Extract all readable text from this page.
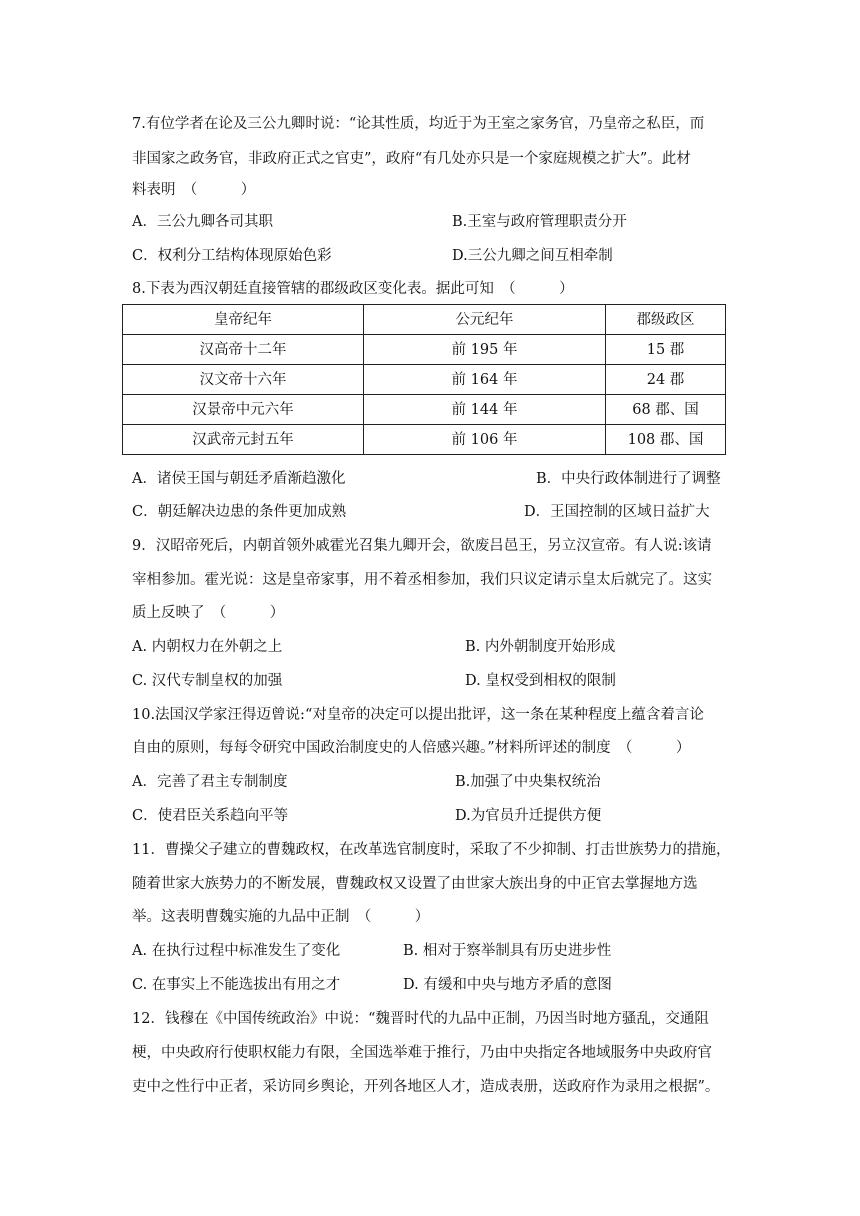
7.有位学者在论及三公九卿时说：“论其性质，均近于为王室之家务官，乃皇帝之私臣，而
非国家之政务官，非政府正式之官吏”，政府“有几处亦只是一个家庭规模之扩大”。此材
料表明　（　　　）
A．三公九卿各司其职	B.王室与政府管理职责分开
C．权利分工结构体现原始色彩	D.三公九卿之间互相牵制
8.下表为西汉朝廷直接管辖的郡级政区变化表。据此可知　（　　　）
皇帝纪年	公元纪年	郡级政区
汉高帝十二年	前 195 年	15 郡
汉文帝十六年	前 164 年	24 郡
汉景帝中元六年	前 144 年	68 郡、国
汉武帝元封五年	前 106 年	108 郡、国
A．诸侯王国与朝廷矛盾渐趋激化	B．中央行政体制进行了调整
C．朝廷解决边患的条件更加成熟	D．王国控制的区域日益扩大
9．汉昭帝死后，内朝首领外戚霍光召集九卿开会，欲废吕邑王，另立汉宣帝。有人说:该请
宰相参加。霍光说：这是皇帝家事，用不着丞相参加，我们只议定请示皇太后就完了。这实
质上反映了　（　　　）
A. 内朝权力在外朝之上	B. 内外朝制度开始形成
C. 汉代专制皇权的加强	D. 皇权受到相权的限制
10.法国汉学家汪得迈曾说:“对皇帝的决定可以提出批评，这一条在某种程度上蕴含着言论
自由的原则，每每令研究中国政治制度史的人倍感兴趣。”材料所评述的制度　（　　　）
A．完善了君主专制制度	B.加强了中央集权统治
C．使君臣关系趋向平等	D.为官员升迁提供方便
11．曹操父子建立的曹魏政权，在改革选官制度时，采取了不少抑制、打击世族势力的措施，
随着世家大族势力的不断发展，曹魏政权又设置了由世家大族出身的中正官去掌握地方选
举。这表明曹魏实施的九品中正制　（　　　）
A. 在执行过程中标准发生了变化	B. 相对于察举制具有历史进步性
C. 在事实上不能选拔出有用之才	D. 有缓和中央与地方矛盾的意图
12．钱穆在《中国传统政治》中说：“魏晋时代的九品中正制，乃因当时地方骚乱，交通阻
梗，中央政府行使职权能力有限，全国选举难于推行，乃由中央指定各地域服务中央政府官
吏中之性行中正者，采访同乡舆论，开列各地区人才，造成表册，送政府作为录用之根据”。
